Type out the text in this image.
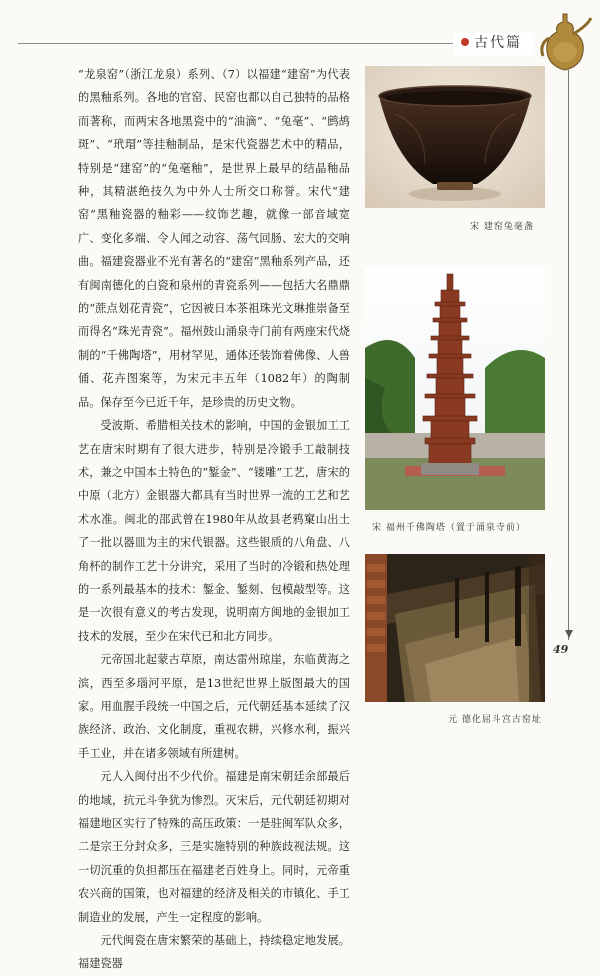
古代篇

“龙泉窑”（浙江龙泉）系列、（7）以福建“建窑”为代表的黑釉系列。各地的官窑、民窑也都以自己独特的品格而著称，而两宋各地黑瓷中的“油滴”、“兔毫”、“鹧鸪斑”、“玳瑁”等挂釉制品，是宋代瓷器艺术中的精品，特别是“建窑”的“兔毫釉”，是世界上最早的结晶釉品种，其精湛绝技久为中外人士所交口称誉。宋代“建窑”黑釉瓷器的釉彩——纹饰艺趣，就像一部音域宽广、变化多端、令人闻之动容、荡气回肠、宏大的交响曲。福建瓷器业不光有著名的“建窑”黑釉系列产品，还有闽南德化的白瓷和泉州的青瓷系列——包括大名鼎鼎的“蔗点划花青瓷”，它因被日本茶祖珠光文琳推崇备至而得名“珠光青瓷”。福州鼓山涌泉寺门前有两座宋代烧制的“千佛陶塔”，用材罕见，通体还装饰着佛像、人兽俑、花卉图案等，为宋元丰五年（1082年）的陶制品。保存至今已近千年，是珍贵的历史文物。

受波斯、希腊相关技术的影响，中国的金银加工工艺在唐宋时期有了很大进步，特别是冷锻手工敲制技术，兼之中国本土特色的“錾金”、“镂雕”工艺，唐宋的中原（北方）金银器大都具有当时世界一流的工艺和艺术水准。闽北的邵武曾在1980年从故县老鸦窠山出土了一批以器皿为主的宋代银器。这些银质的八角盘、八角杯的制作工艺十分讲究，采用了当时的冷锻和热处理的一系列最基本的技术：錾金、錾刻、包模敲型等。这是一次很有意义的考古发现，说明南方闽地的金银加工技术的发展，至少在宋代已和北方同步。

元帝国北起蒙古草原，南达雷州琼崖，东临黄海之滨，西至多瑙河平原，是13世纪世界上版图最大的国家。用血腥手段统一中国之后，元代朝廷基本延续了汉族经济、政治、文化制度，重视农耕，兴修水利，振兴手工业，并在诸多领域有所建树。

元人入闽付出不少代价。福建是南宋朝廷余部最后的地域，抗元斗争犹为惨烈。灭宋后，元代朝廷初期对福建地区实行了特殊的高压政策：一是驻闽军队众多，二是宗王分封众多，三是实施特别的种族歧视法规。这一切沉重的负担都压在福建老百姓身上。同时，元帝重农兴商的国策，也对福建的经济及相关的市镇化、手工制造业的发展，产生一定程度的影响。

元代闽瓷在唐宋繁荣的基础上，持续稳定地发展。福建瓷器

宋 建窑兔毫盏
宋 福州千佛陶塔（置于涌泉寺前）
元 德化屈斗宫古窑址
49
